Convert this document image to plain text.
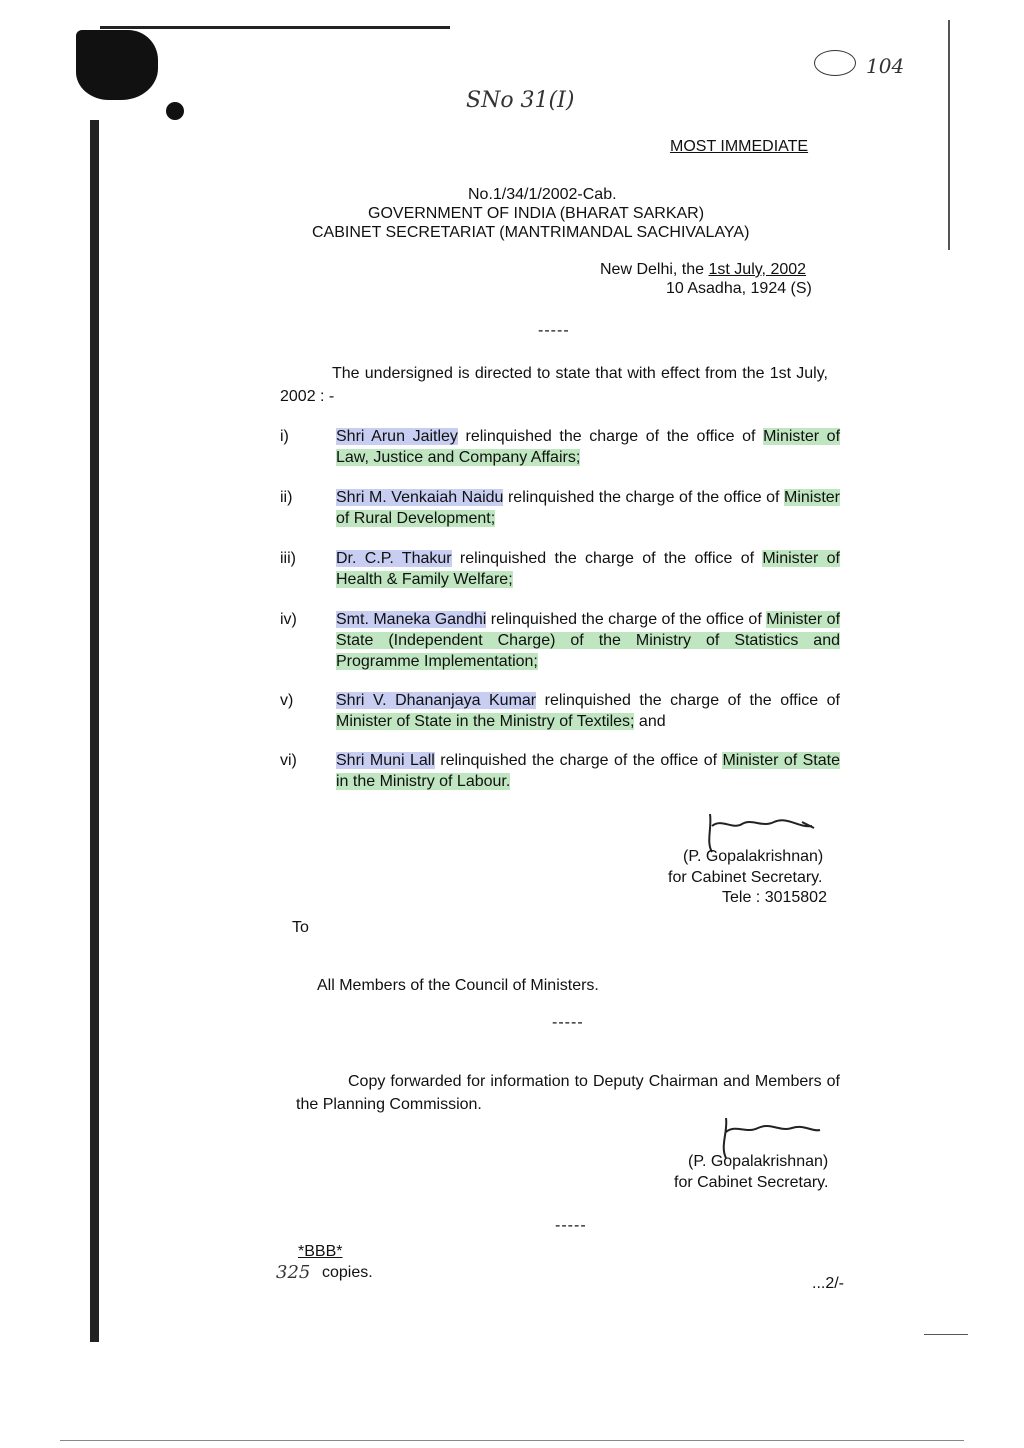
SNo 31(I)
104
MOST IMMEDIATE
No.1/34/1/2002-Cab.
GOVERNMENT OF INDIA (BHARAT SARKAR)
CABINET SECRETARIAT (MANTRIMANDAL SACHIVALAYA)
New Delhi, the 1st July, 2002
10 Asadha, 1924 (S)
-----
The undersigned is directed to state that with effect from the 1st July, 2002 : -
i)	Shri Arun Jaitley relinquished the charge of the office of Minister of Law, Justice and Company Affairs;
ii)	Shri M. Venkaiah Naidu relinquished the charge of the office of Minister of Rural Development;
iii)	Dr. C.P. Thakur relinquished the charge of the office of Minister of Health & Family Welfare;
iv)	Smt. Maneka Gandhi relinquished the charge of the office of Minister of State (Independent Charge) of the Ministry of Statistics and Programme Implementation;
v)	Shri V. Dhananjaya Kumar relinquished the charge of the office of Minister of State in the Ministry of Textiles; and
vi)	Shri Muni Lall relinquished the charge of the office of Minister of State in the Ministry of Labour.
(P. Gopalakrishnan)
for Cabinet Secretary.
Tele : 3015802
To
All Members of the Council of Ministers.
-----
Copy forwarded for information to Deputy Chairman and Members of the Planning Commission.
(P. Gopalakrishnan)
for Cabinet Secretary.
-----
*BBB*
325 copies.
...2/-
